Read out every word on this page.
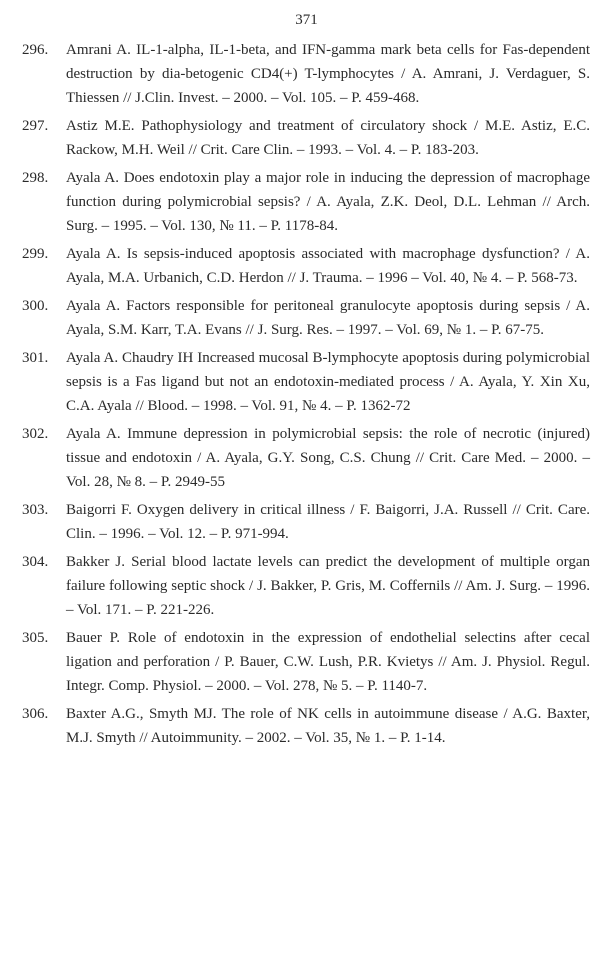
371
296.	Amrani A. IL-1-alpha, IL-1-beta, and IFN-gamma mark beta cells for Fas-dependent destruction by dia-betogenic CD4(+) T-lymphocytes / A. Amrani, J. Verdaguer, S. Thiessen // J.Clin. Invest. – 2000. – Vol. 105. – P. 459-468.
297.	Astiz M.E. Pathophysiology and treatment of circulatory shock / M.E. Astiz, E.C. Rackow, M.H. Weil // Crit. Care Clin. – 1993. – Vol. 4. – P. 183-203.
298.	Ayala A. Does endotoxin play a major role in inducing the depression of macrophage function during polymicrobial sepsis? / A. Ayala, Z.K. Deol, D.L. Lehman // Arch. Surg. – 1995. – Vol. 130, № 11. – P. 1178-84.
299.	Ayala A. Is sepsis-induced apoptosis associated with macrophage dysfunction? / A. Ayala, M.A. Urbanich, C.D. Herdon // J. Trauma. – 1996 – Vol. 40, № 4. – P. 568-73.
300.	Ayala A. Factors responsible for peritoneal granulocyte apoptosis during sepsis / A. Ayala, S.M. Karr, T.A. Evans // J. Surg. Res. – 1997. – Vol. 69, № 1. – P. 67-75.
301.	Ayala A. Chaudry IH Increased mucosal B-lymphocyte apoptosis during polymicrobial sepsis is a Fas ligand but not an endotoxin-mediated process / A. Ayala, Y. Xin Xu, C.A. Ayala // Blood. – 1998. – Vol. 91, № 4. – P. 1362-72
302.	Ayala A. Immune depression in polymicrobial sepsis: the role of necrotic (injured) tissue and endotoxin / A. Ayala, G.Y. Song, C.S. Chung // Crit. Care Med. – 2000. – Vol. 28, № 8. – P. 2949-55
303.	Baigorri F. Oxygen delivery in critical illness / F. Baigorri, J.A. Russell // Crit. Care. Clin. – 1996. – Vol. 12. – P. 971-994.
304.	Bakker J. Serial blood lactate levels can predict the development of multiple organ failure following septic shock / J. Bakker, P. Gris, M. Coffernils // Am. J. Surg. – 1996. – Vol. 171. – P. 221-226.
305.	Bauer P. Role of endotoxin in the expression of endothelial selectins after cecal ligation and perforation / P. Bauer, C.W. Lush, P.R. Kvietys // Am. J. Physiol. Regul. Integr. Comp. Physiol. – 2000. – Vol. 278, № 5. – P. 1140-7.
306.	Baxter A.G., Smyth MJ. The role of NK cells in autoimmune disease / A.G. Baxter, M.J. Smyth // Autoimmunity. – 2002. – Vol. 35, № 1. – P. 1-14.
